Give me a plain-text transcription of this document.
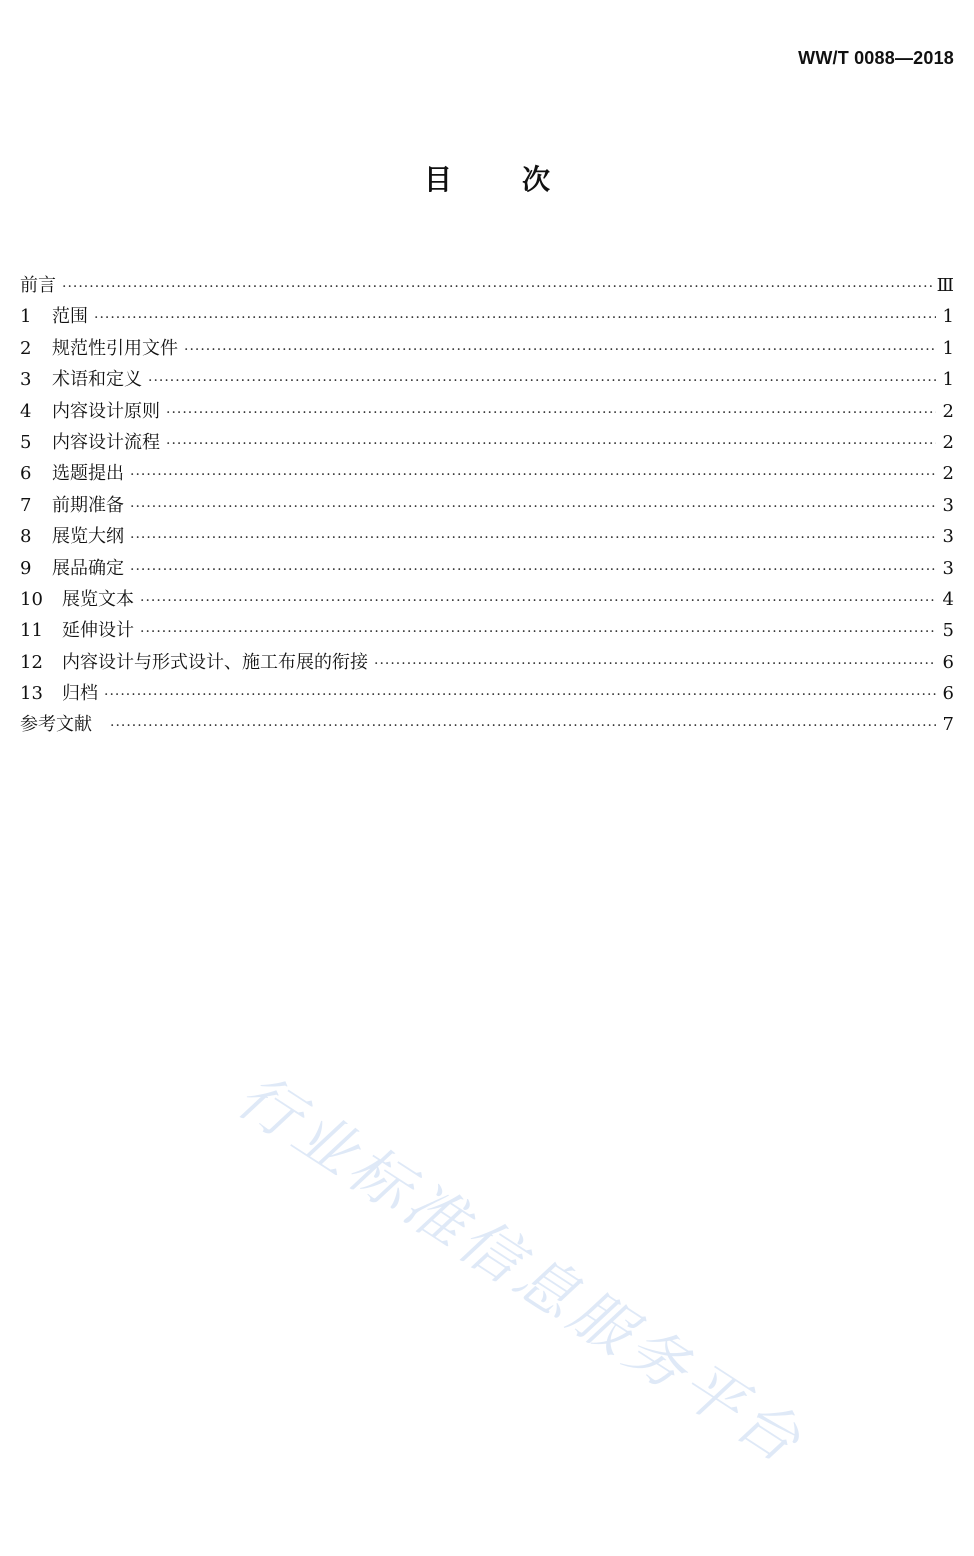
WW/T 0088—2018
目	次
前言 ·····	Ⅲ
1	范围 ·····	1
2	规范性引用文件 ·····	1
3	术语和定义 ·····	1
4	内容设计原则 ·····	2
5	内容设计流程 ·····	2
6	选题提出 ·····	2
7	前期准备 ·····	3
8	展览大纲 ·····	3
9	展品确定 ·····	3
10	展览文本 ·····	4
11	延伸设计 ·····	5
12	内容设计与形式设计、施工布展的衔接 ·····	6
13	归档 ·····	6
参考文献 ·····	7
行业标准信息服务平台
